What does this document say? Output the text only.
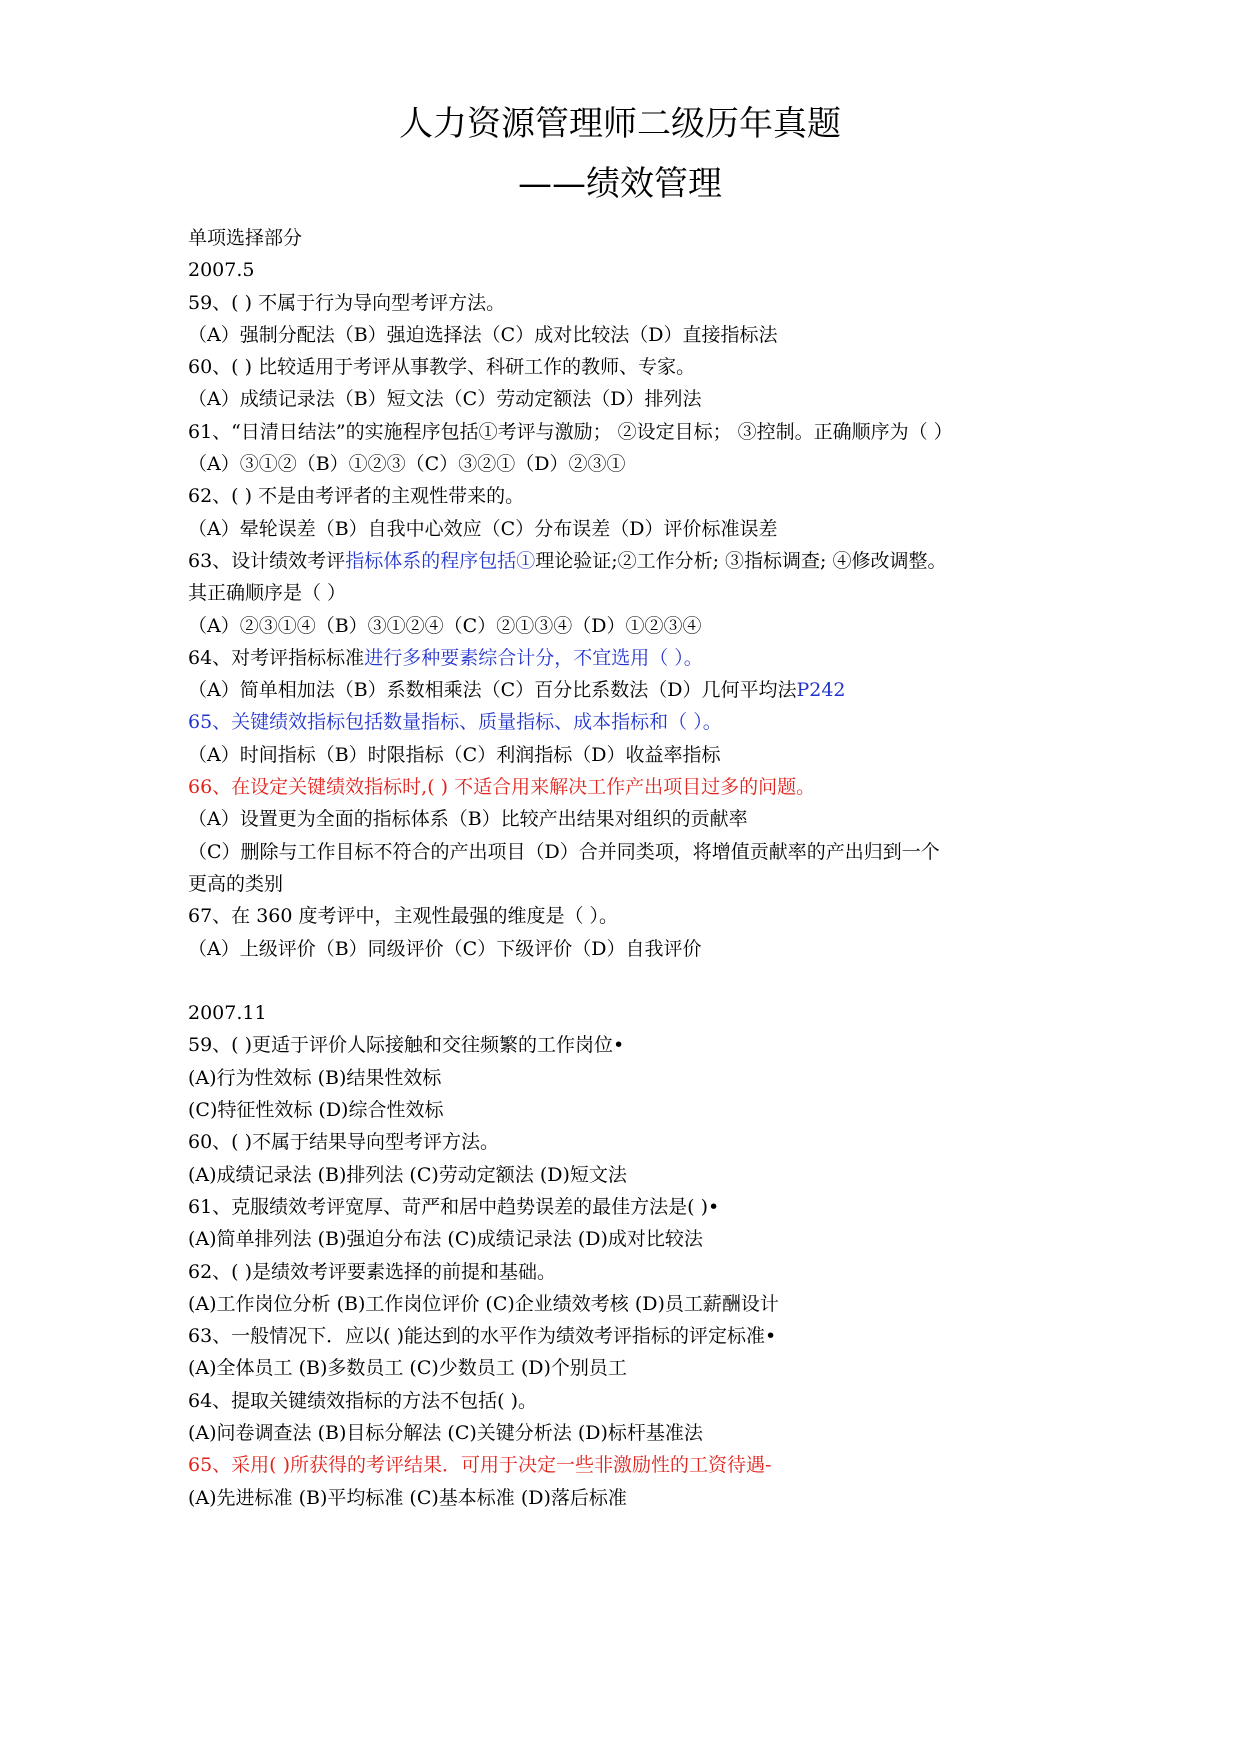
人力资源管理师二级历年真题
——绩效管理
单项选择部分
2007.5
59、( ) 不属于行为导向型考评方法。
（A）强制分配法（B）强迫选择法（C）成对比较法（D）直接指标法
60、( ) 比较适用于考评从事教学、科研工作的教师、专家。
（A）成绩记录法（B）短文法（C）劳动定额法（D）排列法
61、“日清日结法”的实施程序包括①考评与激励； ②设定目标； ③控制。正确顺序为（ ）
（A）③①②（B）①②③（C）③②①（D）②③①
62、( ) 不是由考评者的主观性带来的。
（A）晕轮误差（B）自我中心效应（C）分布误差（D）评价标准误差
63、设计绩效考评指标体系的程序包括①理论验证;②工作分析; ③指标调查; ④修改调整。
其正确顺序是（ ）
（A）②③①④（B）③①②④（C）②①③④（D）①②③④
64、对考评指标标准进行多种要素综合计分，不宜选用（ ）。
（A）简单相加法（B）系数相乘法（C）百分比系数法（D）几何平均法P242
65、关键绩效指标包括数量指标、质量指标、成本指标和（ ）。
（A）时间指标（B）时限指标（C）利润指标（D）收益率指标
66、在设定关键绩效指标时,( ) 不适合用来解决工作产出项目过多的问题。
（A）设置更为全面的指标体系（B）比较产出结果对组织的贡献率
（C）删除与工作目标不符合的产出项目（D）合并同类项，将增值贡献率的产出归到一个
更高的类别
67、在 360 度考评中，主观性最强的维度是（ ）。
（A）上级评价（B）同级评价（C）下级评价（D）自我评价
2007.11
59、( )更适于评价人际接触和交往频繁的工作岗位•
(A)行为性效标 (B)结果性效标
(C)特征性效标 (D)综合性效标
60、( )不属于结果导向型考评方法。
(A)成绩记录法 (B)排列法 (C)劳动定额法 (D)短文法
61、克服绩效考评宽厚、苛严和居中趋势误差的最佳方法是( )•
(A)简单排列法 (B)强迫分布法 (C)成绩记录法 (D)成对比较法
62、( )是绩效考评要素选择的前提和基础。
(A)工作岗位分析 (B)工作岗位评价 (C)企业绩效考核 (D)员工薪酬设计
63、一般情况下．应以( )能达到的水平作为绩效考评指标的评定标准•
(A)全体员工 (B)多数员工 (C)少数员工 (D)个别员工
64、提取关键绩效指标的方法不包括( )。
(A)问卷调查法 (B)目标分解法 (C)关键分析法 (D)标杆基准法
65、采用( )所获得的考评结果．可用于决定一些非激励性的工资待遇-
(A)先进标准 (B)平均标准 (C)基本标准 (D)落后标准
